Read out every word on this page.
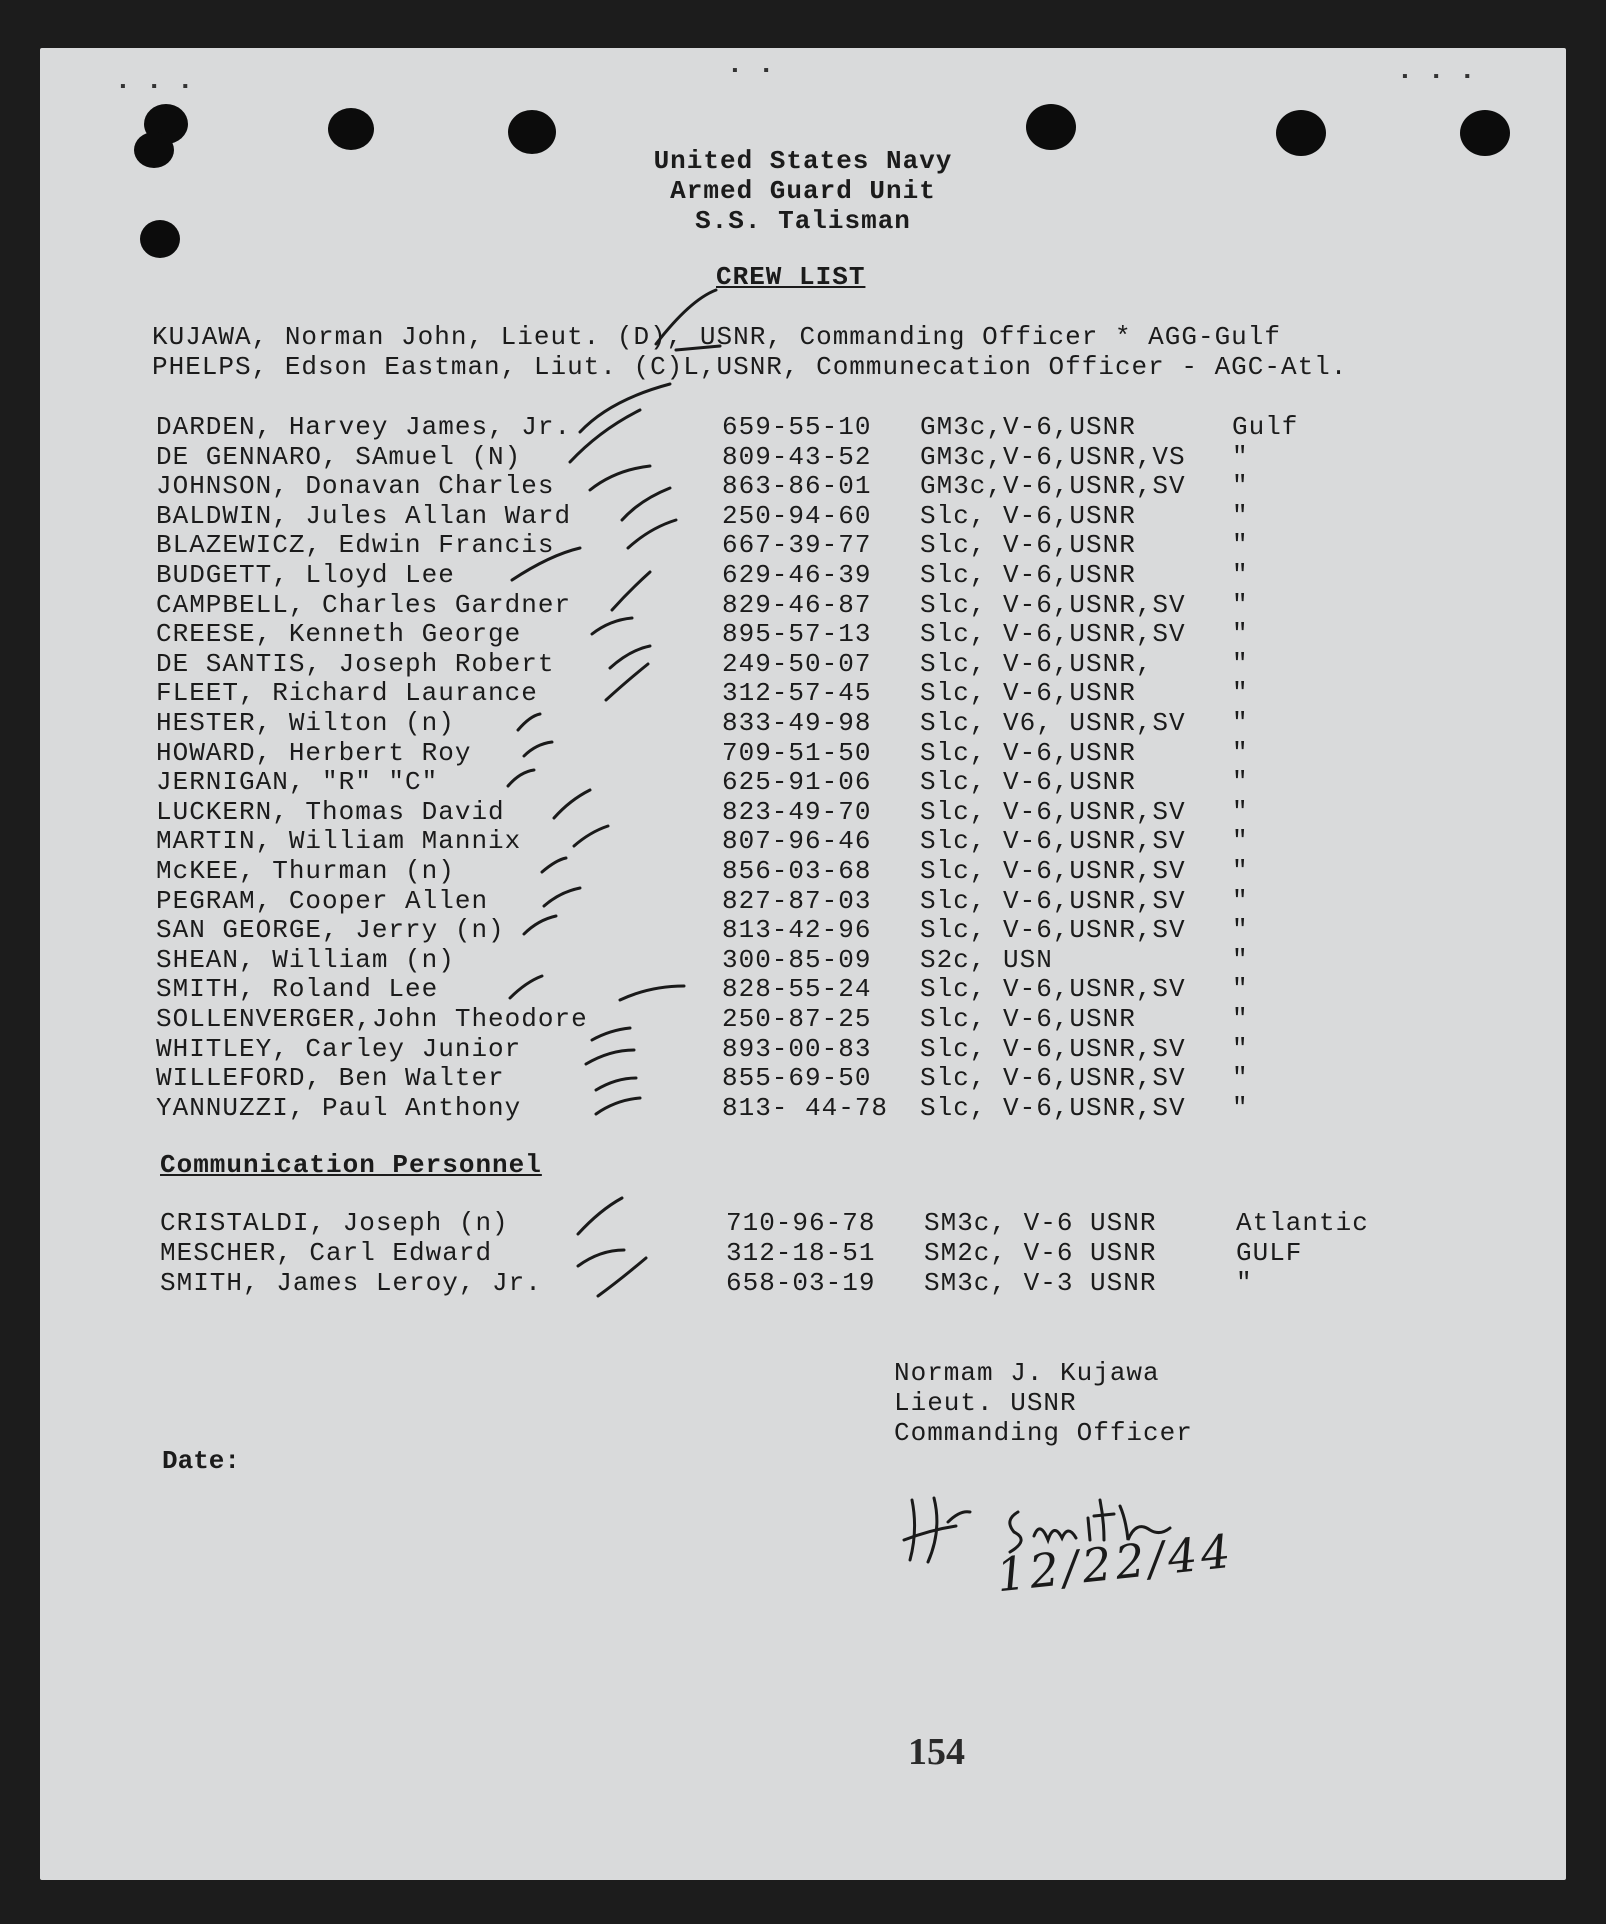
▪ ▪ ▪
▪ ▪	▪ ▪ ▪
United States Navy
Armed Guard Unit
S.S. Talisman
CREW LIST
KUJAWA, Norman John, Lieut. (D), USNR, Commanding Officer * AGG-Gulf
PHELPS, Edson Eastman, Liut. (C)L,USNR, Communecation Officer - AGC-Atl.
DARDEN, Harvey James, Jr.	659-55-10 GM3c,V-6,USNR	Gulf
DE GENNARO, SAmuel (N)	809-43-52 GM3c,V-6,USNR,VS "
JOHNSON, Donavan Charles	863-86-01 GM3c,V-6,USNR,SV "
BALDWIN, Jules Allan Ward	250-94-60 Slc, V-6,USNR	"
BLAZEWICZ, Edwin Francis	667-39-77 Slc, V-6,USNR	"
BUDGETT, Lloyd Lee	629-46-39 Slc, V-6,USNR	"
CAMPBELL, Charles Gardner	829-46-87 Slc, V-6,USNR,SV "
CREESE, Kenneth George	895-57-13 Slc, V-6,USNR,SV "
DE SANTIS, Joseph Robert	249-50-07 Slc, V-6,USNR,	"
FLEET, Richard Laurance	312-57-45 Slc, V-6,USNR	"
HESTER, Wilton (n)	833-49-98 Slc, V6, USNR,SV "
HOWARD, Herbert Roy	709-51-50 Slc, V-6,USNR	"
JERNIGAN, "R" "C"	625-91-06 Slc, V-6,USNR	"
LUCKERN, Thomas David	823-49-70 Slc, V-6,USNR,SV "
MARTIN, William Mannix	807-96-46 Slc, V-6,USNR,SV "
McKEE, Thurman (n)	856-03-68 Slc, V-6,USNR,SV "
PEGRAM, Cooper Allen	827-87-03 Slc, V-6,USNR,SV "
SAN GEORGE, Jerry (n)	813-42-96 Slc, V-6,USNR,SV "
SHEAN, William (n)	300-85-09 S2c, USN	"
SMITH, Roland Lee	828-55-24 Slc, V-6,USNR,SV "
SOLLENVERGER,John Theodore	250-87-25 Slc, V-6,USNR	"
WHITLEY, Carley Junior	893-00-83 Slc, V-6,USNR,SV "
WILLEFORD, Ben Walter	855-69-50 Slc, V-6,USNR,SV "
YANNUZZI, Paul Anthony	813- 44-78 Slc, V-6,USNR,SV "
Communication Personnel
CRISTALDI, Joseph (n)	710-96-78 SM3c, V-6 USNR	Atlantic
MESCHER, Carl Edward	312-18-51 SM2c, V-6 USNR	GULF
SMITH, James Leroy, Jr.	658-03-19 SM3c, V-3 USNR	"
Normam J. Kujawa
Lieut. USNR
Commanding Officer
Date:
12/22/44
154
